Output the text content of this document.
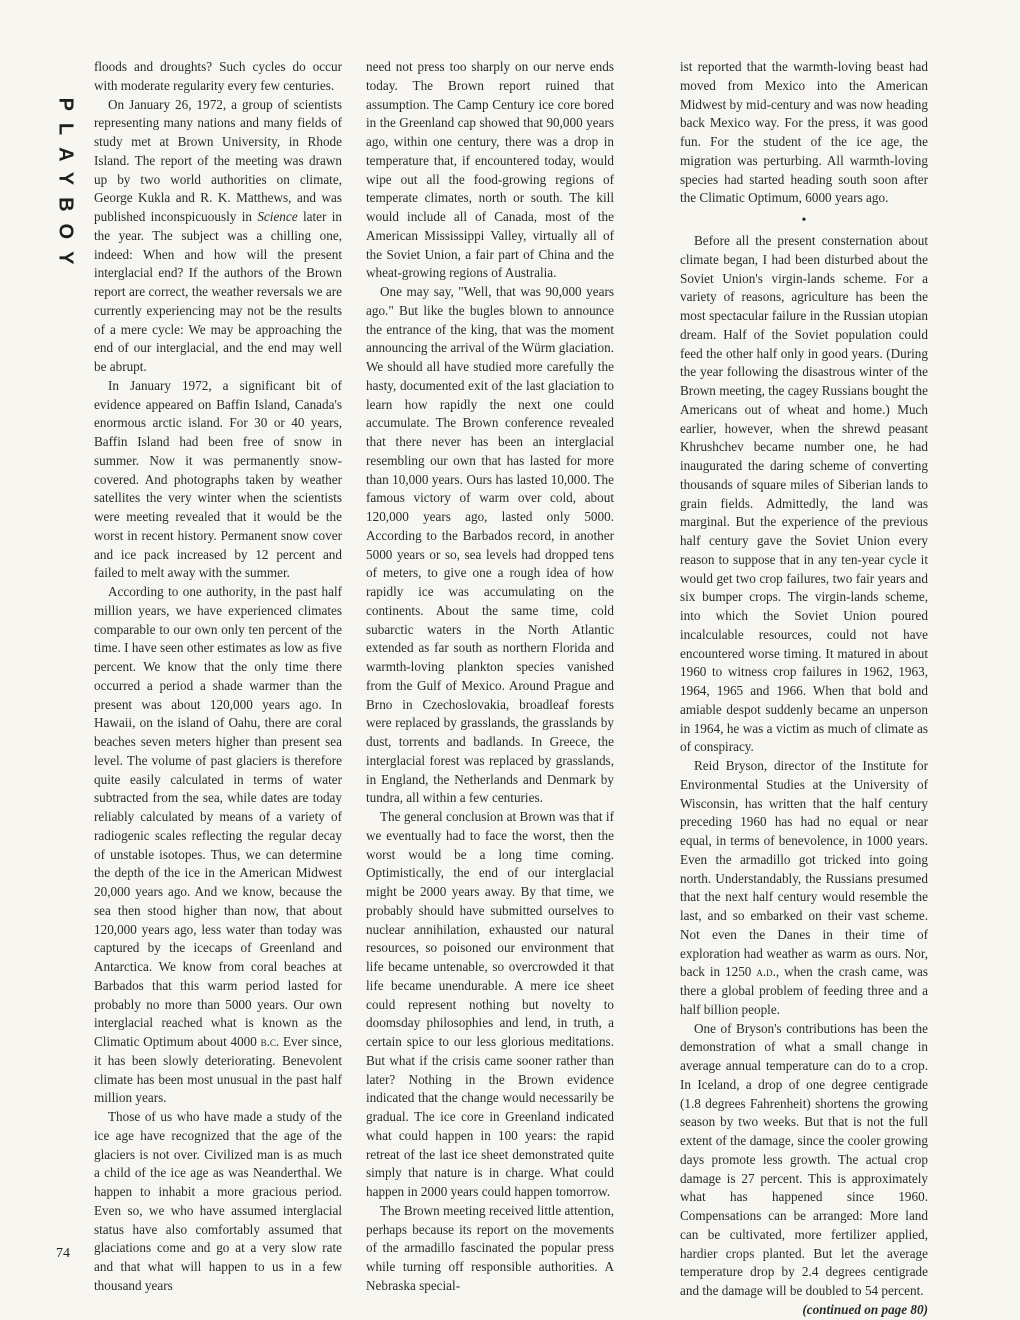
PLAYBOY
74

floods and droughts? Such cycles do occur with moderate regularity every few centuries.

On January 26, 1972, a group of scientists representing many nations and many fields of study met at Brown University, in Rhode Island. The report of the meeting was drawn up by two world authorities on climate, George Kukla and R. K. Matthews, and was published inconspicuously in Science later in the year. The subject was a chilling one, indeed: When and how will the present interglacial end? If the authors of the Brown report are correct, the weather reversals we are currently experiencing may not be the results of a mere cycle: We may be approaching the end of our interglacial, and the end may well be abrupt.

In January 1972, a significant bit of evidence appeared on Baffin Island, Canada's enormous arctic island. For 30 or 40 years, Baffin Island had been free of snow in summer. Now it was permanently snow-covered. And photographs taken by weather satellites the very winter when the scientists were meeting revealed that it would be the worst in recent history. Permanent snow cover and ice pack increased by 12 percent and failed to melt away with the summer.

According to one authority, in the past half million years, we have experienced climates comparable to our own only ten percent of the time. I have seen other estimates as low as five percent. We know that the only time there occurred a period a shade warmer than the present was about 120,000 years ago. In Hawaii, on the island of Oahu, there are coral beaches seven meters higher than present sea level. The volume of past glaciers is therefore quite easily calculated in terms of water subtracted from the sea, while dates are today reliably calculated by means of a variety of radiogenic scales reflecting the regular decay of unstable isotopes. Thus, we can determine the depth of the ice in the American Midwest 20,000 years ago. And we know, because the sea then stood higher than now, that about 120,000 years ago, less water than today was captured by the icecaps of Greenland and Antarctica. We know from coral beaches at Barbados that this warm period lasted for probably no more than 5000 years. Our own interglacial reached what is known as the Climatic Optimum about 4000 b.c. Ever since, it has been slowly deteriorating. Benevolent climate has been most unusual in the past half million years.

Those of us who have made a study of the ice age have recognized that the age of the glaciers is not over. Civilized man is as much a child of the ice age as was Neanderthal. We happen to inhabit a more gracious period. Even so, we who have assumed interglacial status have also comfortably assumed that glaciations come and go at a very slow rate and that what will happen to us in a few thousand years

need not press too sharply on our nerve ends today. The Brown report ruined that assumption. The Camp Century ice core bored in the Greenland cap showed that 90,000 years ago, within one century, there was a drop in temperature that, if encountered today, would wipe out all the food-growing regions of temperate climates, north or south. The kill would include all of Canada, most of the American Mississippi Valley, virtually all of the Soviet Union, a fair part of China and the wheat-growing regions of Australia.

One may say, "Well, that was 90,000 years ago." But like the bugles blown to announce the entrance of the king, that was the moment announcing the arrival of the Würm glaciation. We should all have studied more carefully the hasty, documented exit of the last glaciation to learn how rapidly the next one could accumulate. The Brown conference revealed that there never has been an interglacial resembling our own that has lasted for more than 10,000 years. Ours has lasted 10,000. The famous victory of warm over cold, about 120,000 years ago, lasted only 5000. According to the Barbados record, in another 5000 years or so, sea levels had dropped tens of meters, to give one a rough idea of how rapidly ice was accumulating on the continents. About the same time, cold subarctic waters in the North Atlantic extended as far south as northern Florida and warmth-loving plankton species vanished from the Gulf of Mexico. Around Prague and Brno in Czechoslovakia, broadleaf forests were replaced by grasslands, the grasslands by dust, torrents and badlands. In Greece, the interglacial forest was replaced by grasslands, in England, the Netherlands and Denmark by tundra, all within a few centuries.

The general conclusion at Brown was that if we eventually had to face the worst, then the worst would be a long time coming. Optimistically, the end of our interglacial might be 2000 years away. By that time, we probably should have submitted ourselves to nuclear annihilation, exhausted our natural resources, so poisoned our environment that life became untenable, so overcrowded it that life became unendurable. A mere ice sheet could represent nothing but novelty to doomsday philosophies and lend, in truth, a certain spice to our less glorious meditations. But what if the crisis came sooner rather than later? Nothing in the Brown evidence indicated that the change would necessarily be gradual. The ice core in Greenland indicated what could happen in 100 years: the rapid retreat of the last ice sheet demonstrated quite simply that nature is in charge. What could happen in 2000 years could happen tomorrow.

The Brown meeting received little attention, perhaps because its report on the movements of the armadillo fascinated the popular press while turning off responsible authorities. A Nebraska special-

ist reported that the warmth-loving beast had moved from Mexico into the American Midwest by mid-century and was now heading back Mexico way. For the press, it was good fun. For the student of the ice age, the migration was perturbing. All warmth-loving species had started heading south soon after the Climatic Optimum, 6000 years ago.

•

Before all the present consternation about climate began, I had been disturbed about the Soviet Union's virgin-lands scheme. For a variety of reasons, agriculture has been the most spectacular failure in the Russian utopian dream. Half of the Soviet population could feed the other half only in good years. (During the year following the disastrous winter of the Brown meeting, the cagey Russians bought the Americans out of wheat and home.) Much earlier, however, when the shrewd peasant Khrushchev became number one, he had inaugurated the daring scheme of converting thousands of square miles of Siberian lands to grain fields. Admittedly, the land was marginal. But the experience of the previous half century gave the Soviet Union every reason to suppose that in any ten-year cycle it would get two crop failures, two fair years and six bumper crops. The virgin-lands scheme, into which the Soviet Union poured incalculable resources, could not have encountered worse timing. It matured in about 1960 to witness crop failures in 1962, 1963, 1964, 1965 and 1966. When that bold and amiable despot suddenly became an unperson in 1964, he was a victim as much of climate as of conspiracy.

Reid Bryson, director of the Institute for Environmental Studies at the University of Wisconsin, has written that the half century preceding 1960 has had no equal or near equal, in terms of benevolence, in 1000 years. Even the armadillo got tricked into going north. Understandably, the Russians presumed that the next half century would resemble the last, and so embarked on their vast scheme. Not even the Danes in their time of exploration had weather as warm as ours. Nor, back in 1250 a.d., when the crash came, was there a global problem of feeding three and a half billion people.

One of Bryson's contributions has been the demonstration of what a small change in average annual temperature can do to a crop. In Iceland, a drop of one degree centigrade (1.8 degrees Fahrenheit) shortens the growing season by two weeks. But that is not the full extent of the damage, since the cooler growing days promote less growth. The actual crop damage is 27 percent. This is approximately what has happened since 1960. Compensations can be arranged: More land can be cultivated, more fertilizer applied, hardier crops planted. But let the average temperature drop by 2.4 degrees centigrade and the damage will be doubled to 54 percent.

(continued on page 80)
